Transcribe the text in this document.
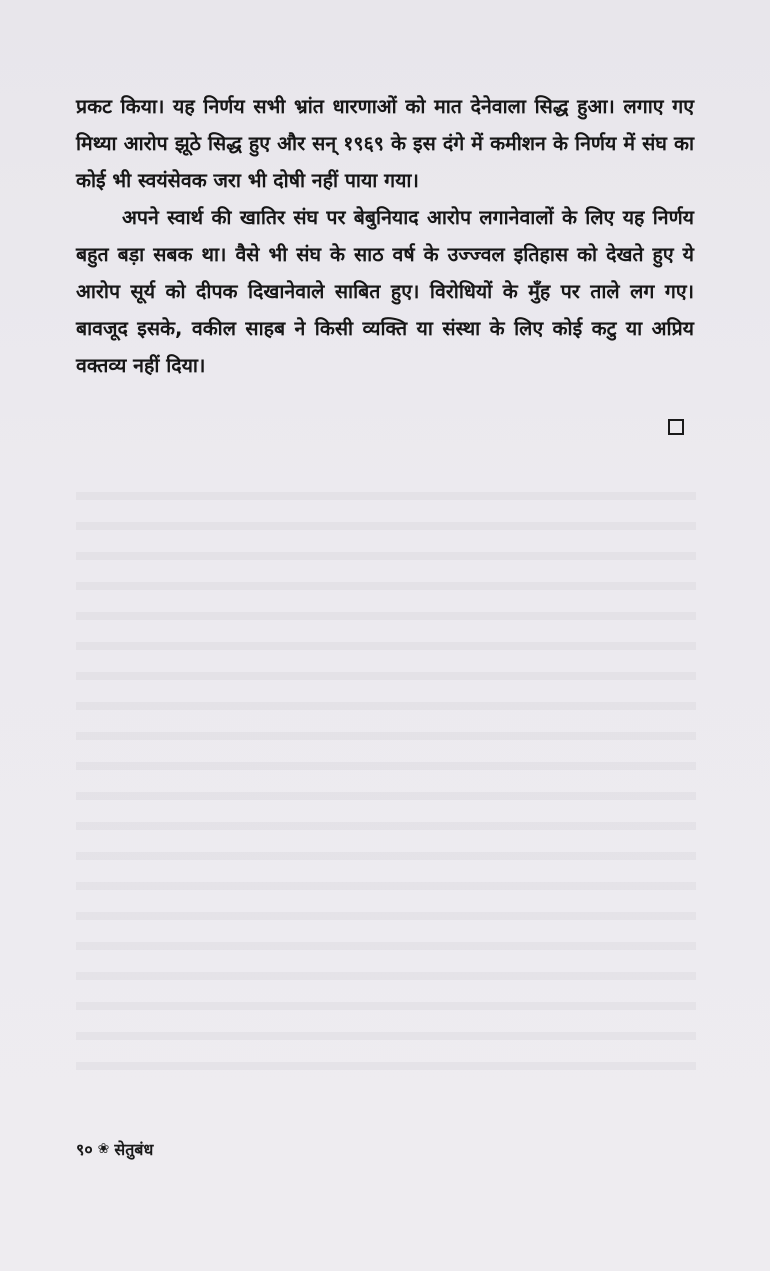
प्रकट किया। यह निर्णय सभी भ्रांत धारणाओं को मात देनेवाला सिद्ध हुआ। लगाए गए मिथ्या आरोप झूठे सिद्ध हुए और सन् १९६९ के इस दंगे में कमीशन के निर्णय में संघ का कोई भी स्वयंसेवक जरा भी दोषी नहीं पाया गया।

अपने स्वार्थ की खातिर संघ पर बेबुनियाद आरोप लगानेवालों के लिए यह निर्णय बहुत बड़ा सबक था। वैसे भी संघ के साठ वर्ष के उज्ज्वल इतिहास को देखते हुए ये आरोप सूर्य को दीपक दिखानेवाले साबित हुए। विरोधियों के मुँह पर ताले लग गए। बावजूद इसके, वकील साहब ने किसी व्यक्ति या संस्था के लिए कोई कटु या अप्रिय वक्तव्य नहीं दिया।

९० ❀ सेतुबंध
